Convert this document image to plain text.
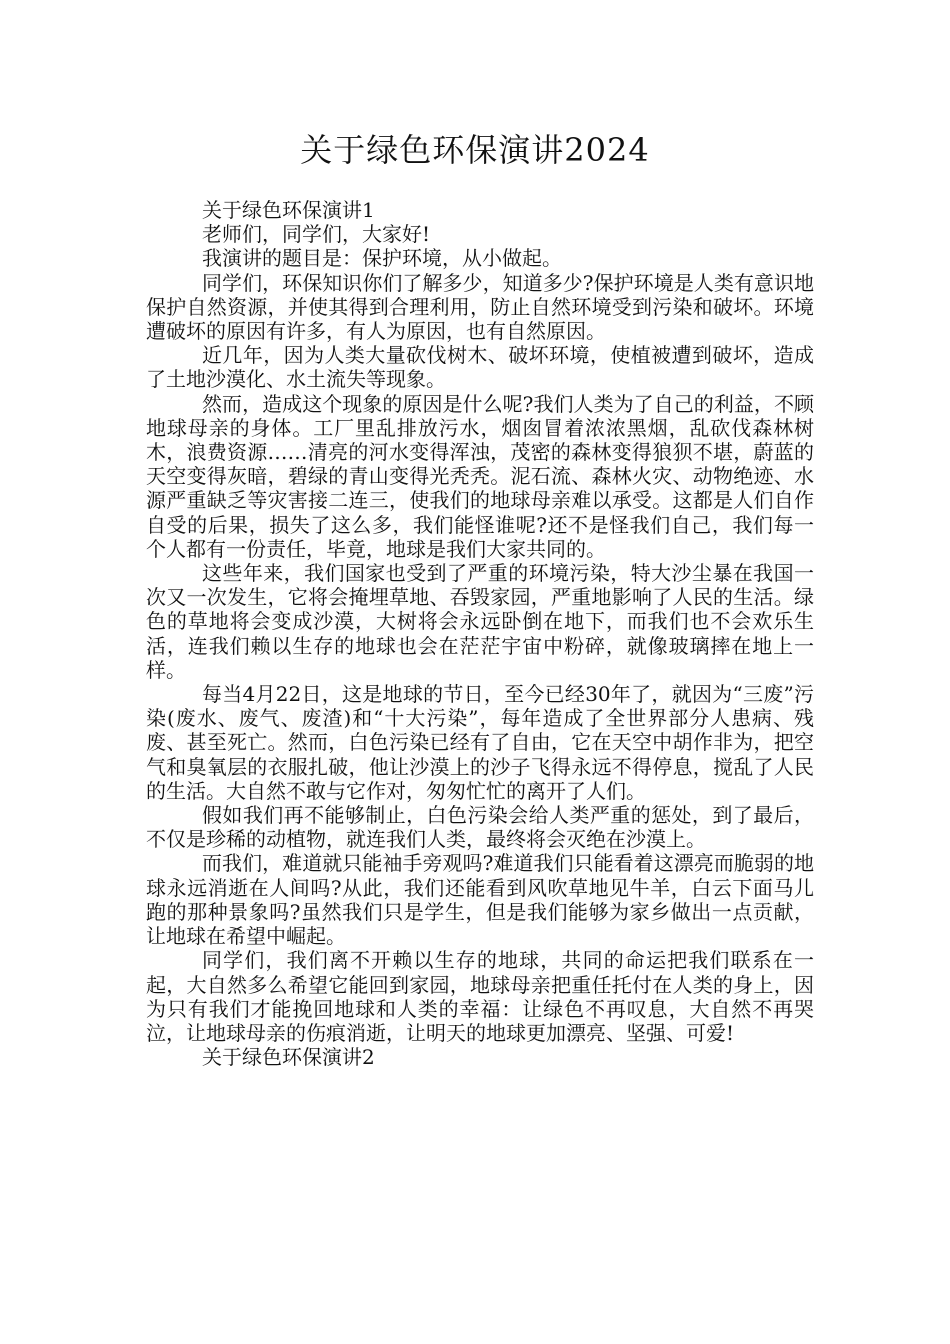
关于绿色环保演讲2024

关于绿色环保演讲1

老师们，同学们，大家好!

我演讲的题目是：保护环境，从小做起。

同学们，环保知识你们了解多少，知道多少?保护环境是人类有意识地保护自然资源，并使其得到合理利用，防止自然环境受到污染和破坏。环境遭破坏的原因有许多，有人为原因，也有自然原因。

近几年，因为人类大量砍伐树木、破坏环境，使植被遭到破坏，造成了土地沙漠化、水土流失等现象。

然而，造成这个现象的原因是什么呢?我们人类为了自己的利益，不顾地球母亲的身体。工厂里乱排放污水，烟囱冒着浓浓黑烟，乱砍伐森林树木，浪费资源……清亮的河水变得浑浊，茂密的森林变得狼狈不堪，蔚蓝的天空变得灰暗，碧绿的青山变得光秃秃。泥石流、森林火灾、动物绝迹、水源严重缺乏等灾害接二连三，使我们的地球母亲难以承受。这都是人们自作自受的后果，损失了这么多，我们能怪谁呢?还不是怪我们自己，我们每一个人都有一份责任，毕竟，地球是我们大家共同的。

这些年来，我们国家也受到了严重的环境污染，特大沙尘暴在我国一次又一次发生，它将会掩埋草地、吞毁家园，严重地影响了人民的生活。绿色的草地将会变成沙漠，大树将会永远卧倒在地下，而我们也不会欢乐生活，连我们赖以生存的地球也会在茫茫宇宙中粉碎，就像玻璃摔在地上一样。

每当4月22日，这是地球的节日，至今已经30年了，就因为“三废”污染(废水、废气、废渣)和“十大污染”，每年造成了全世界部分人患病、残废、甚至死亡。然而，白色污染已经有了自由，它在天空中胡作非为，把空气和臭氧层的衣服扎破，他让沙漠上的沙子飞得永远不得停息，搅乱了人民的生活。大自然不敢与它作对，匆匆忙忙的离开了人们。

假如我们再不能够制止，白色污染会给人类严重的惩处，到了最后，不仅是珍稀的动植物，就连我们人类，最终将会灭绝在沙漠上。

而我们，难道就只能袖手旁观吗?难道我们只能看着这漂亮而脆弱的地球永远消逝在人间吗?从此，我们还能看到风吹草地见牛羊，白云下面马儿跑的那种景象吗?虽然我们只是学生，但是我们能够为家乡做出一点贡献，让地球在希望中崛起。

同学们，我们离不开赖以生存的地球，共同的命运把我们联系在一起，大自然多么希望它能回到家园，地球母亲把重任托付在人类的身上，因为只有我们才能挽回地球和人类的幸福：让绿色不再叹息，大自然不再哭泣，让地球母亲的伤痕消逝，让明天的地球更加漂亮、坚强、可爱!

关于绿色环保演讲2
